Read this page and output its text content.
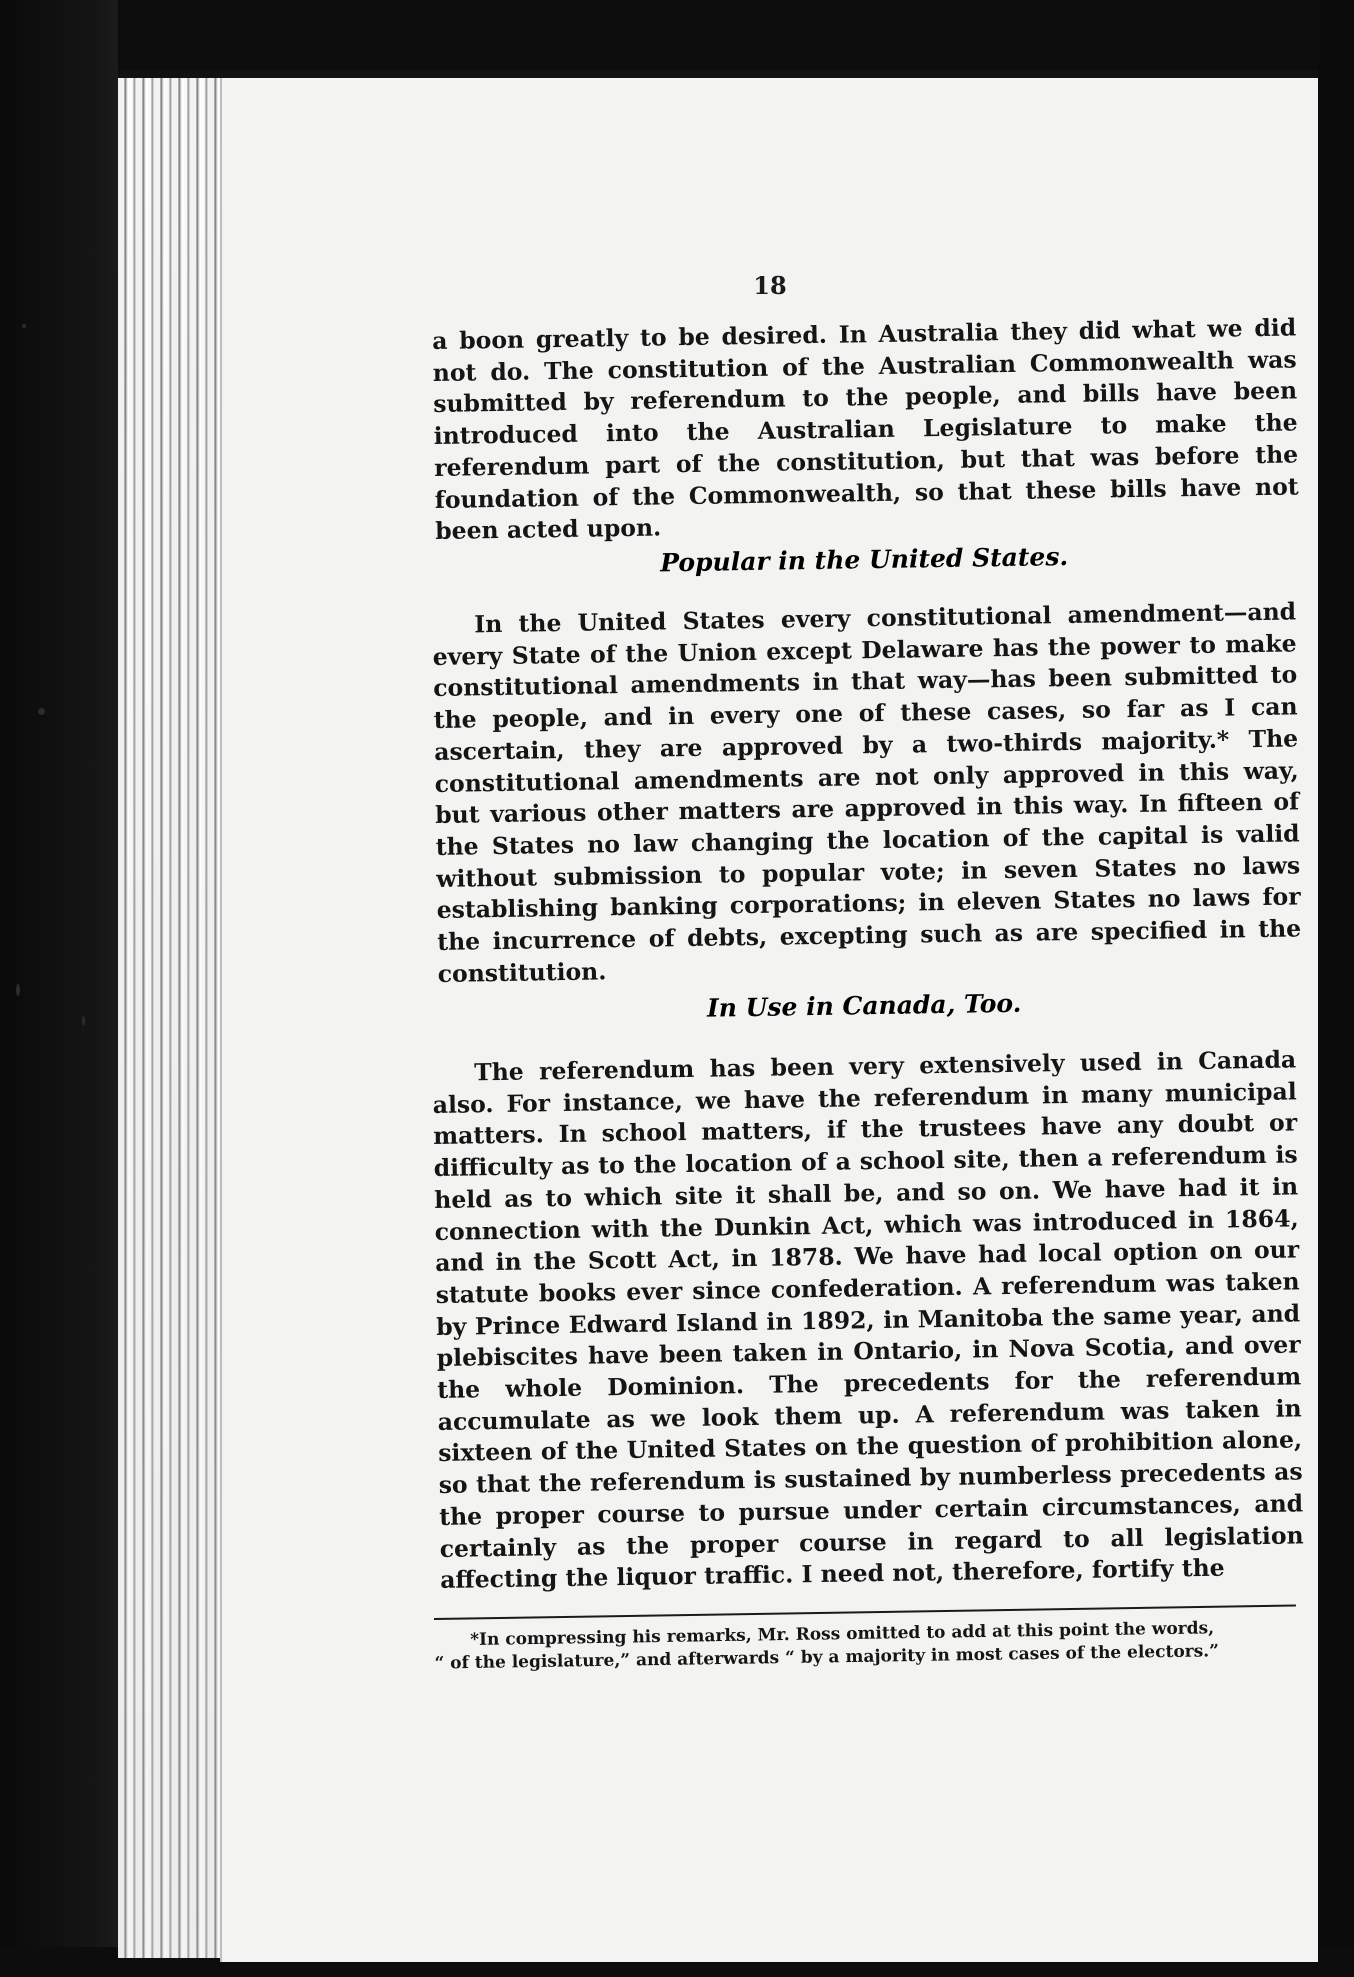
18

a boon greatly to be desired. In Australia they did what we did not do. The constitution of the Australian Commonwealth was submitted by referendum to the people, and bills have been introduced into the Australian Legislature to make the referendum part of the constitution, but that was before the foundation of the Commonwealth, so that these bills have not been acted upon.

Popular in the United States.

In the United States every constitutional amendment—and every State of the Union except Delaware has the power to make constitutional amendments in that way—has been submitted to the people, and in every one of these cases, so far as I can ascertain, they are approved by a two-thirds majority.* The constitutional amendments are not only approved in this way, but various other matters are approved in this way. In fifteen of the States no law changing the location of the capital is valid without submission to popular vote; in seven States no laws establishing banking corporations; in eleven States no laws for the incurrence of debts, excepting such as are specified in the constitution.

In Use in Canada, Too.

The referendum has been very extensively used in Canada also. For instance, we have the referendum in many municipal matters. In school matters, if the trustees have any doubt or difficulty as to the location of a school site, then a referendum is held as to which site it shall be, and so on. We have had it in connection with the Dunkin Act, which was introduced in 1864, and in the Scott Act, in 1878. We have had local option on our statute books ever since confederation. A referendum was taken by Prince Edward Island in 1892, in Manitoba the same year, and plebiscites have been taken in Ontario, in Nova Scotia, and over the whole Dominion. The precedents for the referendum accumulate as we look them up. A referendum was taken in sixteen of the United States on the question of prohibition alone, so that the referendum is sustained by numberless precedents as the proper course to pursue under certain circumstances, and certainly as the proper course in regard to all legislation affecting the liquor traffic. I need not, therefore, fortify the

*In compressing his remarks, Mr. Ross omitted to add at this point the words,
“ of the legislature,” and afterwards “ by a majority in most cases of the electors.”
